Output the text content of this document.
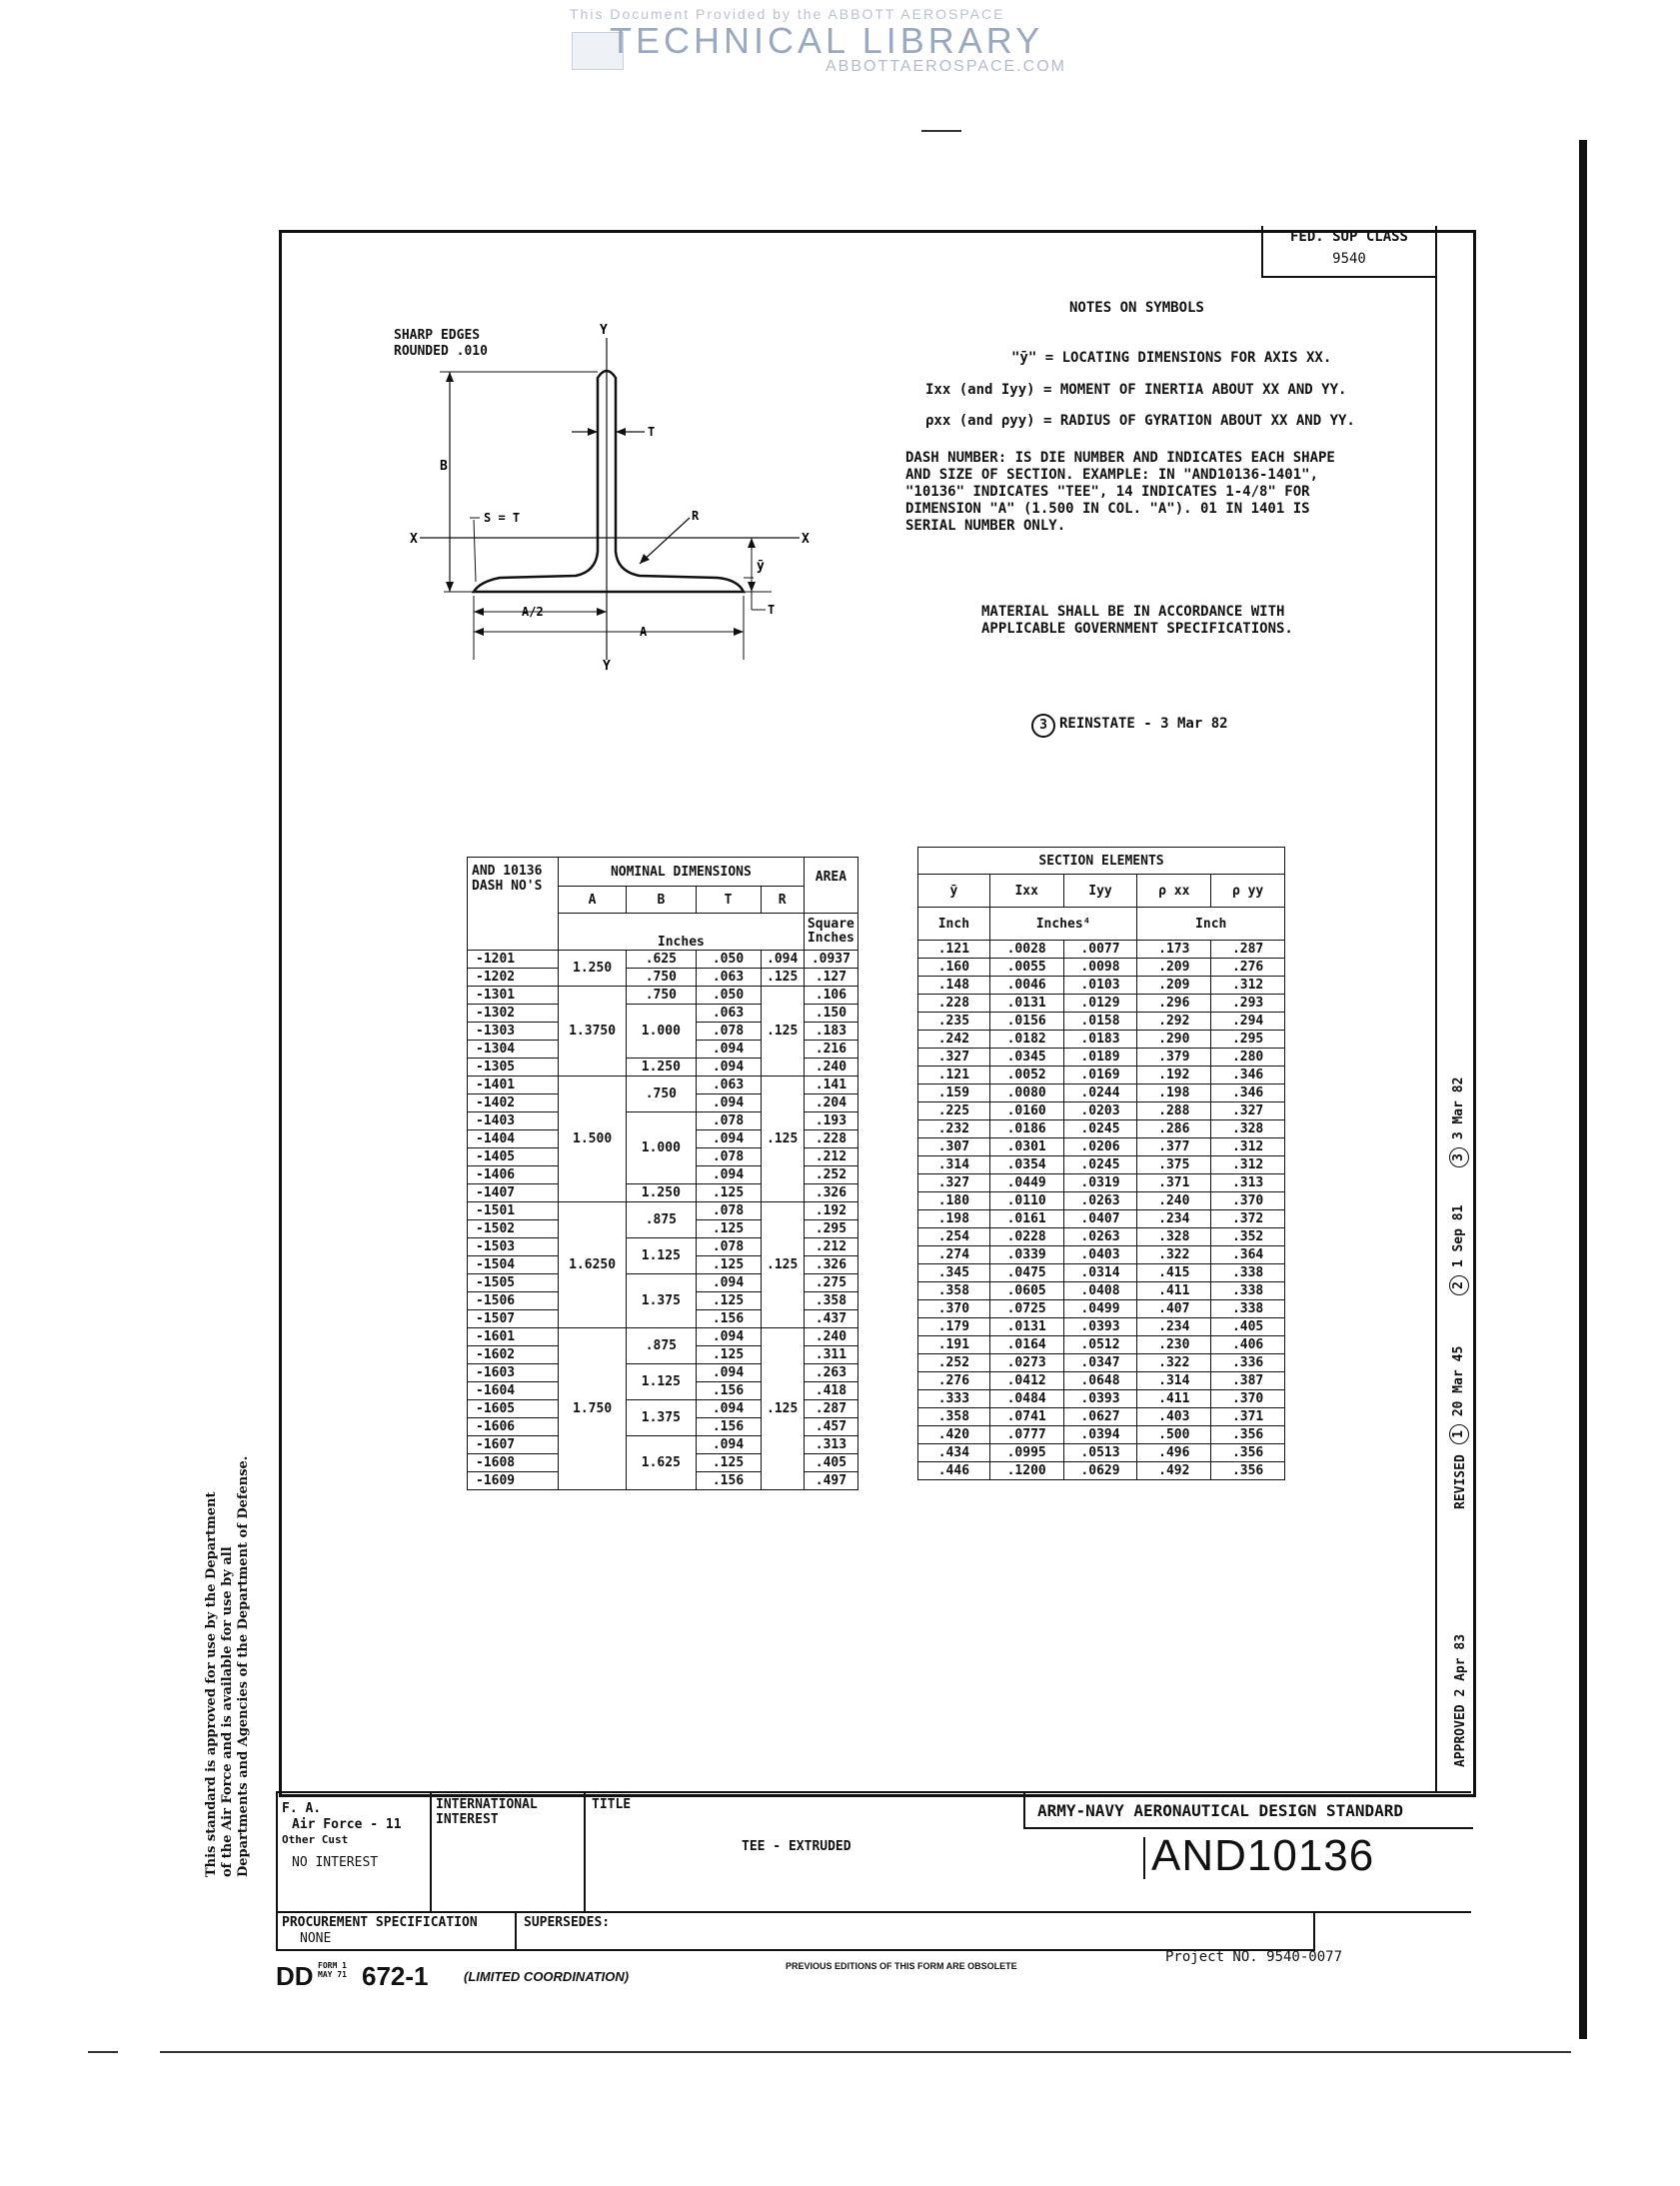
This Document Provided by the ABBOTT AEROSPACE
TECHNICAL LIBRARY
ABBOTTAEROSPACE.COM
FED. SUP CLASS
9540
Y
Y
X	X
B
T
S = T	R
ȳ
T
A/2
A
SHARP EDGES
ROUNDED .010
NOTES ON SYMBOLS
"ȳ" = LOCATING DIMENSIONS FOR AXIS XX.
Ixx (and Iyy) = MOMENT OF INERTIA ABOUT XX AND YY.
ρxx (and ρyy) = RADIUS OF GYRATION ABOUT XX AND YY.
DASH NUMBER: IS DIE NUMBER AND INDICATES EACH SHAPE
AND SIZE OF SECTION. EXAMPLE: IN "AND10136-1401",
"10136" INDICATES "TEE", 14 INDICATES 1-4/8" FOR
DIMENSION "A" (1.500 IN COL. "A"). 01 IN 1401 IS
SERIAL NUMBER ONLY.
MATERIAL SHALL BE IN ACCORDANCE WITH
APPLICABLE GOVERNMENT SPECIFICATIONS.
3 REINSTATE - 3 Mar 82
AND 10136 DASH NO'S	NOMINAL DIMENSIONS				AREA
	A	B	T	R	
	Inches				Square Inches
-1201	1.250	.625	.050	.094	.0937
-1202		.750	.063	.125	.127
-1301	1.3750	.750	.050	.125	.106
-1302		1.000	.063		.150
-1303			.078		.183
-1304			.094		.216
-1305		1.250	.094		.240
-1401	1.500	.750	.063	.125	.141
-1402			.094		.204
-1403		1.000	.078		.193
-1404			.094		.228
-1405			.078		.212
-1406			.094		.252
-1407		1.250	.125		.326
-1501	1.6250	.875	.078	.125	.192
-1502			.125		.295
-1503		1.125	.078		.212
-1504			.125		.326
-1505		1.375	.094		.275
-1506			.125		.358
-1507			.156		.437
-1601	1.750	.875	.094	.125	.240
-1602			.125		.311
-1603		1.125	.094		.263
-1604			.156		.418
-1605		1.375	.094		.287
-1606			.156		.457
-1607		1.625	.094		.313
-1608			.125		.405
-1609			.156		.497
SECTION ELEMENTS				
ȳ	Ixx	Iyy	ρ xx	ρ yy
Inch	Inches⁴		Inch	
.121	.0028	.0077	.173	.287
.160	.0055	.0098	.209	.276
.148	.0046	.0103	.209	.312
.228	.0131	.0129	.296	.293
.235	.0156	.0158	.292	.294
.242	.0182	.0183	.290	.295
.327	.0345	.0189	.379	.280
.121	.0052	.0169	.192	.346
.159	.0080	.0244	.198	.346
.225	.0160	.0203	.288	.327
.232	.0186	.0245	.286	.328
.307	.0301	.0206	.377	.312
.314	.0354	.0245	.375	.312
.327	.0449	.0319	.371	.313
.180	.0110	.0263	.240	.370
.198	.0161	.0407	.234	.372
.254	.0228	.0263	.328	.352
.274	.0339	.0403	.322	.364
.345	.0475	.0314	.415	.338
.358	.0605	.0408	.411	.338
.370	.0725	.0499	.407	.338
.179	.0131	.0393	.234	.405
.191	.0164	.0512	.230	.406
.252	.0273	.0347	.322	.336
.276	.0412	.0648	.314	.387
.333	.0484	.0393	.411	.370
.358	.0741	.0627	.403	.371
.420	.0777	.0394	.500	.356
.434	.0995	.0513	.496	.356
.446	.1200	.0629	.492	.356
APPROVED 2 Apr 83
REVISED
1 20 Mar 45
2 1 Sep 81
3 3 Mar 82
This standard is approved for use by the Department of the Air Force and is available for use by all Departments and Agencies of the Department of Defense. F. A.
Air Force - 11
Other Cust
NO INTEREST
INTERNATIONAL INTEREST
TITLE
TEE - EXTRUDED
ARMY-NAVY AERONAUTICAL DESIGN STANDARD
AND10136
PROCUREMENT SPECIFICATION
NONE
SUPERSEDES:
DD FORM 1 MAY 71 672-1	(LIMITED COORDINATION)
PREVIOUS EDITIONS OF THIS FORM ARE OBSOLETE
Project NO. 9540-0077
